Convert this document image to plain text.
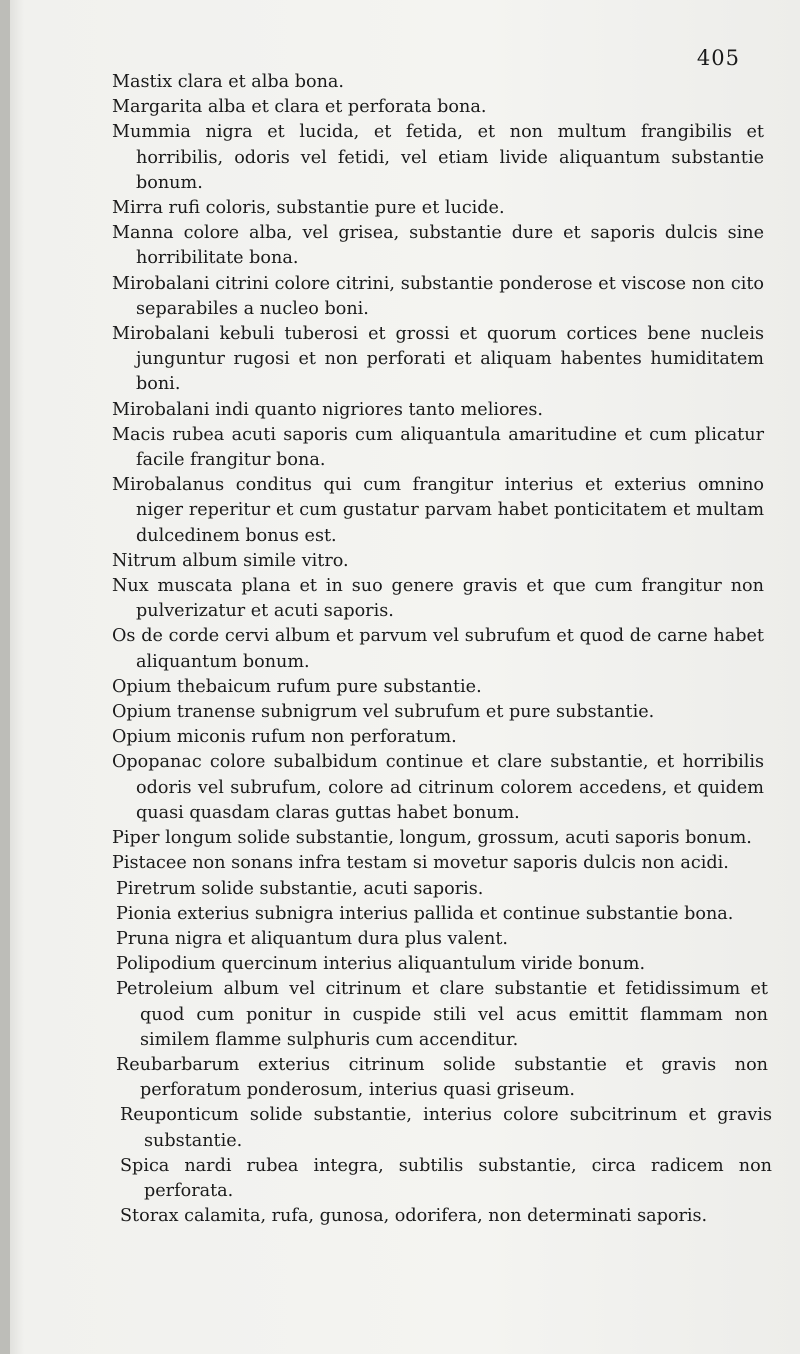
405
Mastix clara et alba bona.
Margarita alba et clara et perforata bona.
Mummia nigra et lucida, et fetida, et non multum frangibilis et horribilis, odoris vel fetidi, vel etiam livide aliquantum substantie bonum.
Mirra rufi coloris, substantie pure et lucide.
Manna colore alba, vel grisea, substantie dure et saporis dulcis sine horribilitate bona.
Mirobalani citrini colore citrini, substantie ponderose et viscose non cito separabiles a nucleo boni.
Mirobalani kebuli tuberosi et grossi et quorum cortices bene nucleis junguntur rugosi et non perforati et aliquam habentes humiditatem boni.
Mirobalani indi quanto nigriores tanto meliores.
Macis rubea acuti saporis cum aliquantula amaritudine et cum plicatur facile frangitur bona.
Mirobalanus conditus qui cum frangitur interius et exterius omnino niger reperitur et cum gustatur parvam habet ponticitatem et multam dulcedinem bonus est.
Nitrum album simile vitro.
Nux muscata plana et in suo genere gravis et que cum frangitur non pulverizatur et acuti saporis.
Os de corde cervi album et parvum vel subrufum et quod de carne habet aliquantum bonum.
Opium thebaicum rufum pure substantie.
Opium tranense subnigrum vel subrufum et pure substantie.
Opium miconis rufum non perforatum.
Opopanac colore subalbidum continue et clare substantie, et horribilis odoris vel subrufum, colore ad citrinum colorem accedens, et quidem quasi quasdam claras guttas habet bonum.
Piper longum solide substantie, longum, grossum, acuti saporis bonum.
Pistacee non sonans infra testam si movetur saporis dulcis non acidi.
Piretrum solide substantie, acuti saporis.
Pionia exterius subnigra interius pallida et continue substantie bona.
Pruna nigra et aliquantum dura plus valent.
Polipodium quercinum interius aliquantulum viride bonum.
Petroleium album vel citrinum et clare substantie et fetidissimum et quod cum ponitur in cuspide stili vel acus emittit flammam non similem flamme sulphuris cum accenditur.
Reubarbarum exterius citrinum solide substantie et gravis non perforatum ponderosum, interius quasi griseum.
Reuponticum solide substantie, interius colore subcitrinum et gravis substantie.
Spica nardi rubea integra, subtilis substantie, circa radicem non perforata.
Storax calamita, rufa, gunosa, odorifera, non determinati saporis.
